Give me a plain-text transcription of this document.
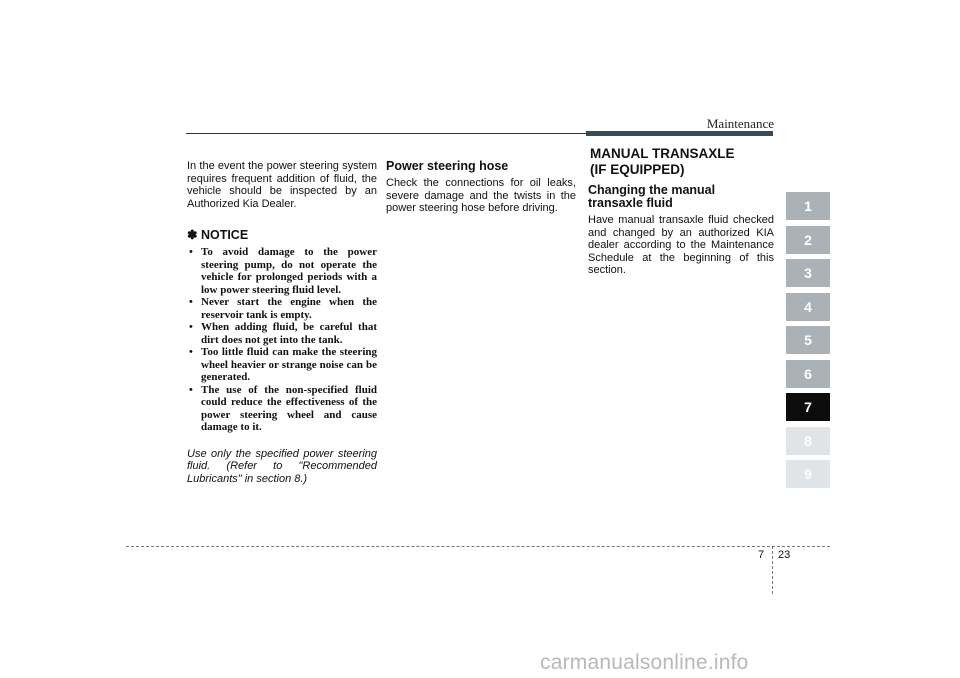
Maintenance

In the event the power steering system requires frequent addition of fluid, the vehicle should be inspected by an Authorized Kia Dealer.

✽ NOTICE
• To avoid damage to the power steering pump, do not operate the vehicle for prolonged periods with a low power steering fluid level.
• Never start the engine when the reservoir tank is empty.
• When adding fluid, be careful that dirt does not get into the tank.
• Too little fluid can make the steering wheel heavier or strange noise can be generated.
• The use of the non-specified fluid could reduce the effectiveness of the power steering wheel and cause damage to it.

Use only the specified power steering fluid. (Refer to "Recommended Lubricants" in section 8.)

Power steering hose

Check the connections for oil leaks, severe damage and the twists in the power steering hose before driving.

MANUAL TRANSAXLE
(IF EQUIPPED)
Changing the manual
transaxle fluid

Have manual transaxle fluid checked and changed by an authorized KIA dealer according to the Maintenance Schedule at the beginning of this section.

1
2
3
4
5
6
7
8
9
7 23
carmanualsonline.info
